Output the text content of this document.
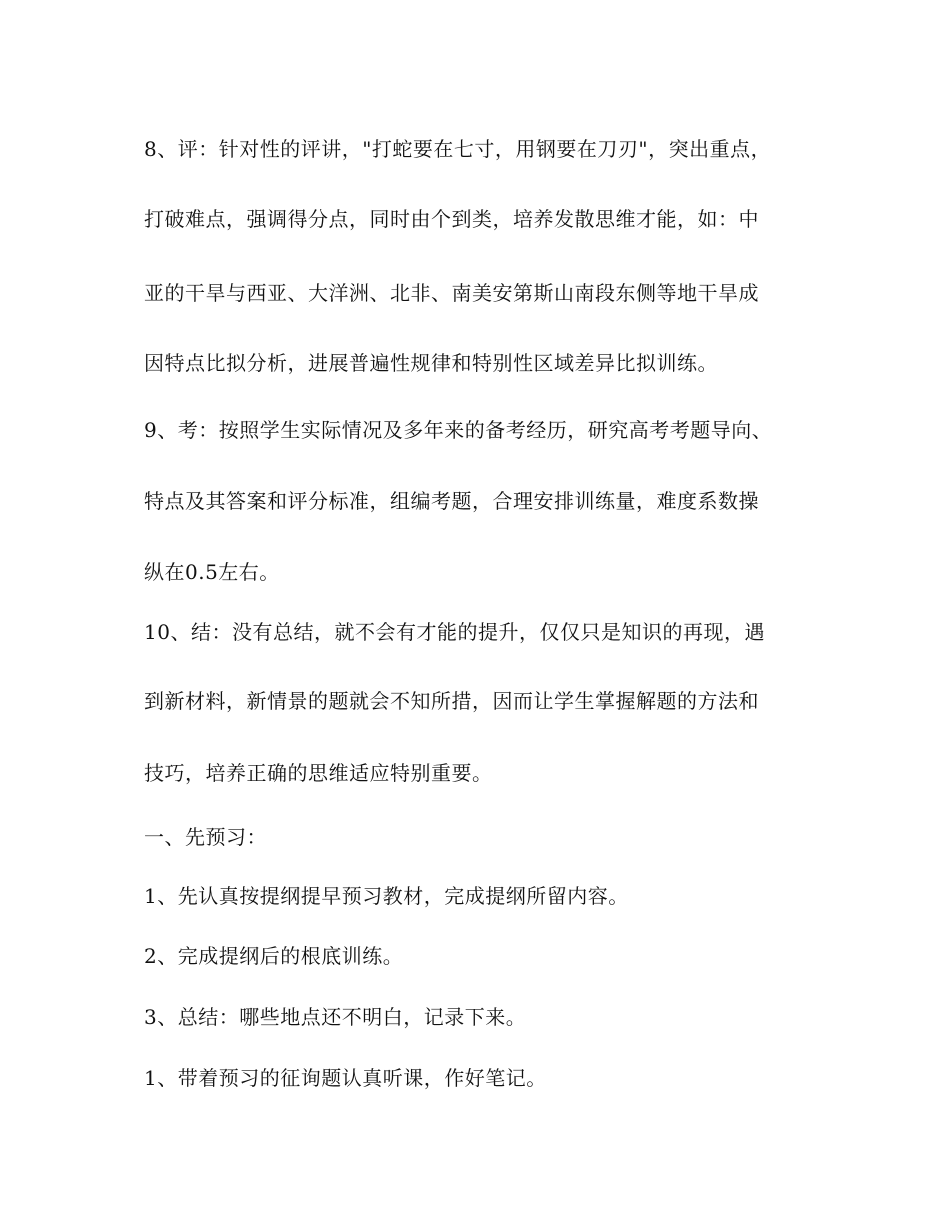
8、评：针对性的评讲，"打蛇要在七寸，用钢要在刀刃"，突出重点，
打破难点，强调得分点，同时由个到类，培养发散思维才能，如：中
亚的干旱与西亚、大洋洲、北非、南美安第斯山南段东侧等地干旱成
因特点比拟分析，进展普遍性规律和特别性区域差异比拟训练。
9、考：按照学生实际情况及多年来的备考经历，研究高考考题导向、
特点及其答案和评分标准，组编考题，合理安排训练量，难度系数操
纵在0.5左右。
10、结：没有总结，就不会有才能的提升，仅仅只是知识的再现，遇
到新材料，新情景的题就会不知所措，因而让学生掌握解题的方法和
技巧，培养正确的思维适应特别重要。
一、先预习：
1、先认真按提纲提早预习教材，完成提纲所留内容。
2、完成提纲后的根底训练。
3、总结：哪些地点还不明白，记录下来。
1、带着预习的征询题认真听课，作好笔记。
